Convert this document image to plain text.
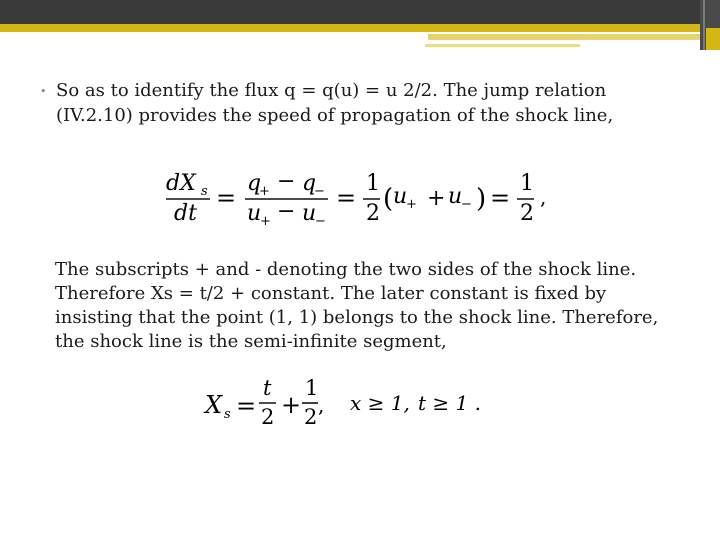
• So as to identify the flux q = q(u) = u 2/2. The jump relation (IV.2.10) provides the speed of propagation of the shock line,
dX s
dt
=
q
+ − q
−
u
+ − u
−
=
1
2 ( u
+ + u
− ) =
1
2
,
The subscripts + and - denoting the two sides of the shock line. Therefore Xs = t/2 + constant. The later constant is fixed by insisting that the point (1, 1) belongs to the shock line. Therefore, the shock line is the semi-infinite segment,
X s =
t
2 +
1
2 , x ≥ 1, t ≥ 1 .
